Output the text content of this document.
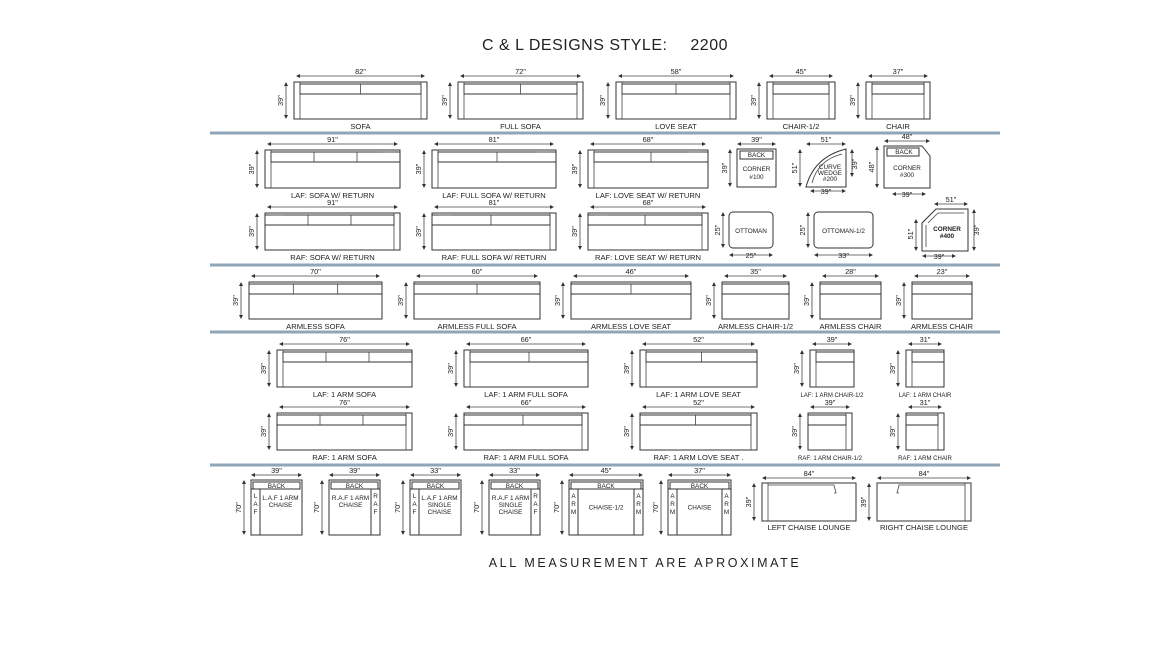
C & L DESIGNS STYLE: 2200
82"
39"
SOFA
72"
39"
FULL SOFA
58"
39"
LOVE SEAT
45"
39"
CHAIR-1/2
37"
39"
CHAIR
91"
39"
LAF: SOFA W/ RETURN
81"
39"
LAF: FULL SOFA W/ RETURN
68"
39"
LAF: LOVE SEAT W/ RETURN
39"
39"
BACK
CORNER
#100
51"
51"	39"
CURVE
WEDGE
#200
39"
48"
48"
BACK
CORNER
#300
39"
91"
39"
RAF: SOFA W/ RETURN
81"
39"
RAF: FULL SOFA W/ RETURN
68"
39"
RAF: LOVE SEAT W/ RETURN
25" OTTOMAN
25"
25" OTTOMAN-1/2
33"
51"
51"	39"
CORNER
#400
39"
70"
39"
ARMLESS SOFA
60"
39"
ARMLESS FULL SOFA
46"
39"
ARMLESS LOVE SEAT
35"
39"
ARMLESS CHAIR-1/2
28"
39"
ARMLESS CHAIR
23"
39"
ARMLESS CHAIR
76"
39"
LAF: 1 ARM SOFA
66"
39"
LAF: 1 ARM FULL SOFA
52"
39"
LAF: 1 ARM LOVE SEAT
39"
39"
LAF: 1 ARM CHAIR-1/2
31"
39"
LAF: 1 ARM CHAIR
76"
39"
RAF: 1 ARM SOFA
66"
39"
RAF: 1 ARM FULL SOFA
52"
39"
RAF: 1 ARM LOVE SEAT .
39"
39"
RAF: 1 ARM CHAIR-1/2
31"
39"
RAF: 1 ARM CHAIR
39"
70"
BACK
L
A
F
L.A.F 1 ARM
CHAISE
39"
70"
BACK
R
A
F
R.A.F 1 ARM
CHAISE
33"
70"
BACK
L
A
F
L.A.F 1 ARM
SINGLE
CHAISE
33"
70"
BACK
R
A
F
R.A.F 1 ARM
SINGLE
CHAISE
45"
70"
BACK
A	A
R	R
M	M
CHAISE-1/2
37"
70"
BACK
A	A
R	R
M	M
CHAISE
84"
39"
LEFT CHAISE LOUNGE
84"
39"
RIGHT CHAISE LOUNGE
ALL MEASUREMENT ARE APROXIMATE
